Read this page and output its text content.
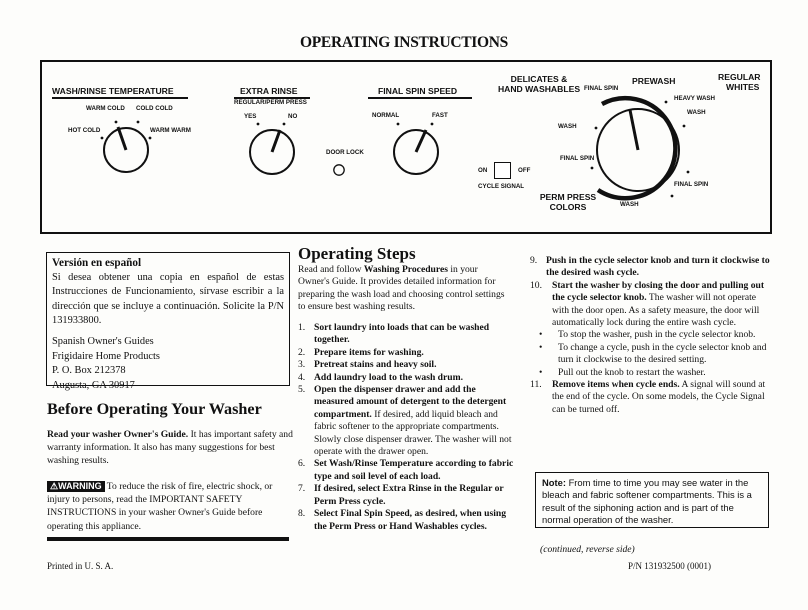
OPERATING INSTRUCTIONS
WASH/RINSE TEMPERATURE
WARM COLD COLD COLD
HOT COLD	WARM WARM
EXTRA RINSE
REGULAR/PERM PRESS
YES	NO
DOOR LOCK
FINAL SPIN SPEED
NORMAL	FAST
ON	OFF
CYCLE SIGNAL
DELICATES &
HAND WASHABLES
PREWASH	REGULAR
WHITES
FINAL SPIN
HEAVY WASH
WASH
WASH
FINAL SPIN
FINAL SPIN
WASH
PERM PRESS
COLORS
Versión en español
Si desea obtener una copia en español de estas Instrucciones de Funcionamiento, sírvase escribir a la dirección que se incluye a continuación. Solicite la P/N 131933800.
Spanish Owner's Guides
Frigidaire Home Products
P. O. Box 212378
Augusta, GA 30917
Before Operating Your Washer
Read your washer Owner's Guide. It has important safety and warranty information. It also has many suggestions for best washing results.
⚠WARNING To reduce the risk of fire, electric shock, or injury to persons, read the IMPORTANT SAFETY INSTRUCTIONS in your washer Owner's Guide before operating this appliance.
Printed in U. S. A.
Operating Steps
Read and follow Washing Procedures in your Owner's Guide. It provides detailed information for preparing the wash load and choosing control settings to ensure best washing results.
1. Sort laundry into loads that can be washed together.
2. Prepare items for washing.
3. Pretreat stains and heavy soil.
4. Add laundry load to the wash drum.
5. Open the dispenser drawer and add the measured amount of detergent to the detergent compartment. If desired, add liquid bleach and fabric softener to the appropriate compartments. Slowly close dispenser drawer. The washer will not operate with the drawer open.
6. Set Wash/Rinse Temperature according to fabric type and soil level of each load.
7. If desired, select Extra Rinse in the Regular or Perm Press cycle.
8. Select Final Spin Speed, as desired, when using the Perm Press or Hand Washables cycles.
9. Push in the cycle selector knob and turn it clockwise to the desired wash cycle.
10. Start the washer by closing the door and pulling out the cycle selector knob. The washer will not operate with the door open. As a safety measure, the door will automatically lock during the entire wash cycle.
• To stop the washer, push in the cycle selector knob.
• To change a cycle, push in the cycle selector knob and turn it clockwise to the desired setting.
• Pull out the knob to restart the washer.
11. Remove items when cycle ends. A signal will sound at the end of the cycle. On some models, the Cycle Signal can be turned off.
Note: From time to time you may see water in the bleach and fabric softener compartments. This is a result of the siphoning action and is part of the normal operation of the washer.
(continued, reverse side)
P/N 131932500 (0001)
